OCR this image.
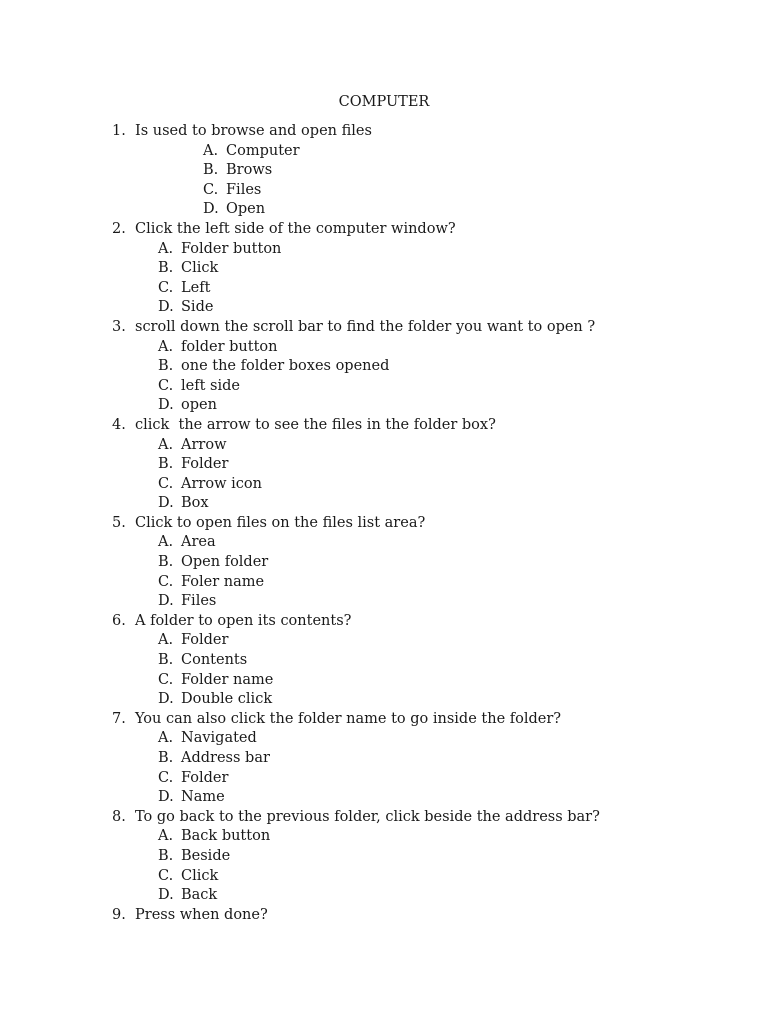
COMPUTER
1. Is used to browse and open files
A. Computer
B. Brows
C. Files
D. Open
2. Click the left side of the computer window?
A. Folder button
B. Click
C. Left
D. Side
3. scroll down the scroll bar to find the folder you want to open ?
A. folder button
B. one the folder boxes opened
C. left side
D. open
4. click  the arrow to see the files in the folder box?
A. Arrow
B. Folder
C. Arrow icon
D. Box
5. Click to open files on the files list area?
A. Area
B. Open folder
C. Foler name
D. Files
6. A folder to open its contents?
A. Folder
B. Contents
C. Folder name
D. Double click
7. You can also click the folder name to go inside the folder?
A. Navigated
B. Address bar
C. Folder
D. Name
8. To go back to the previous folder, click beside the address bar?
A. Back button
B. Beside
C. Click
D. Back
9. Press when done?
